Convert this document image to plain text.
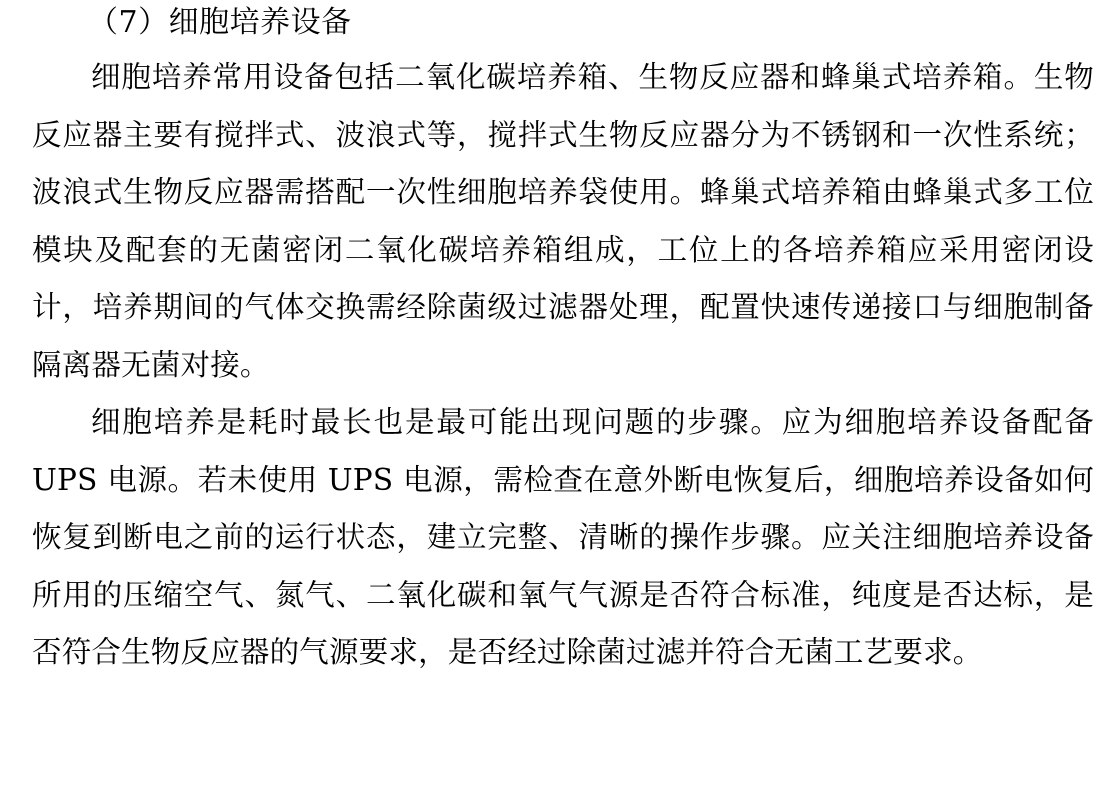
（7）细胞培养设备

细胞培养常用设备包括二氧化碳培养箱、生物反应器和蜂巢式培养箱。生物反应器主要有搅拌式、波浪式等，搅拌式生物反应器分为不锈钢和一次性系统；波浪式生物反应器需搭配一次性细胞培养袋使用。蜂巢式培养箱由蜂巢式多工位模块及配套的无菌密闭二氧化碳培养箱组成，工位上的各培养箱应采用密闭设计，培养期间的气体交换需经除菌级过滤器处理，配置快速传递接口与细胞制备隔离器无菌对接。

细胞培养是耗时最长也是最可能出现问题的步骤。应为细胞培养设备配备 UPS 电源。若未使用 UPS 电源，需检查在意外断电恢复后，细胞培养设备如何恢复到断电之前的运行状态，建立完整、清晰的操作步骤。应关注细胞培养设备所用的压缩空气、氮气、二氧化碳和氧气气源是否符合标准，纯度是否达标，是否符合生物反应器的气源要求，是否经过除菌过滤并符合无菌工艺要求。
